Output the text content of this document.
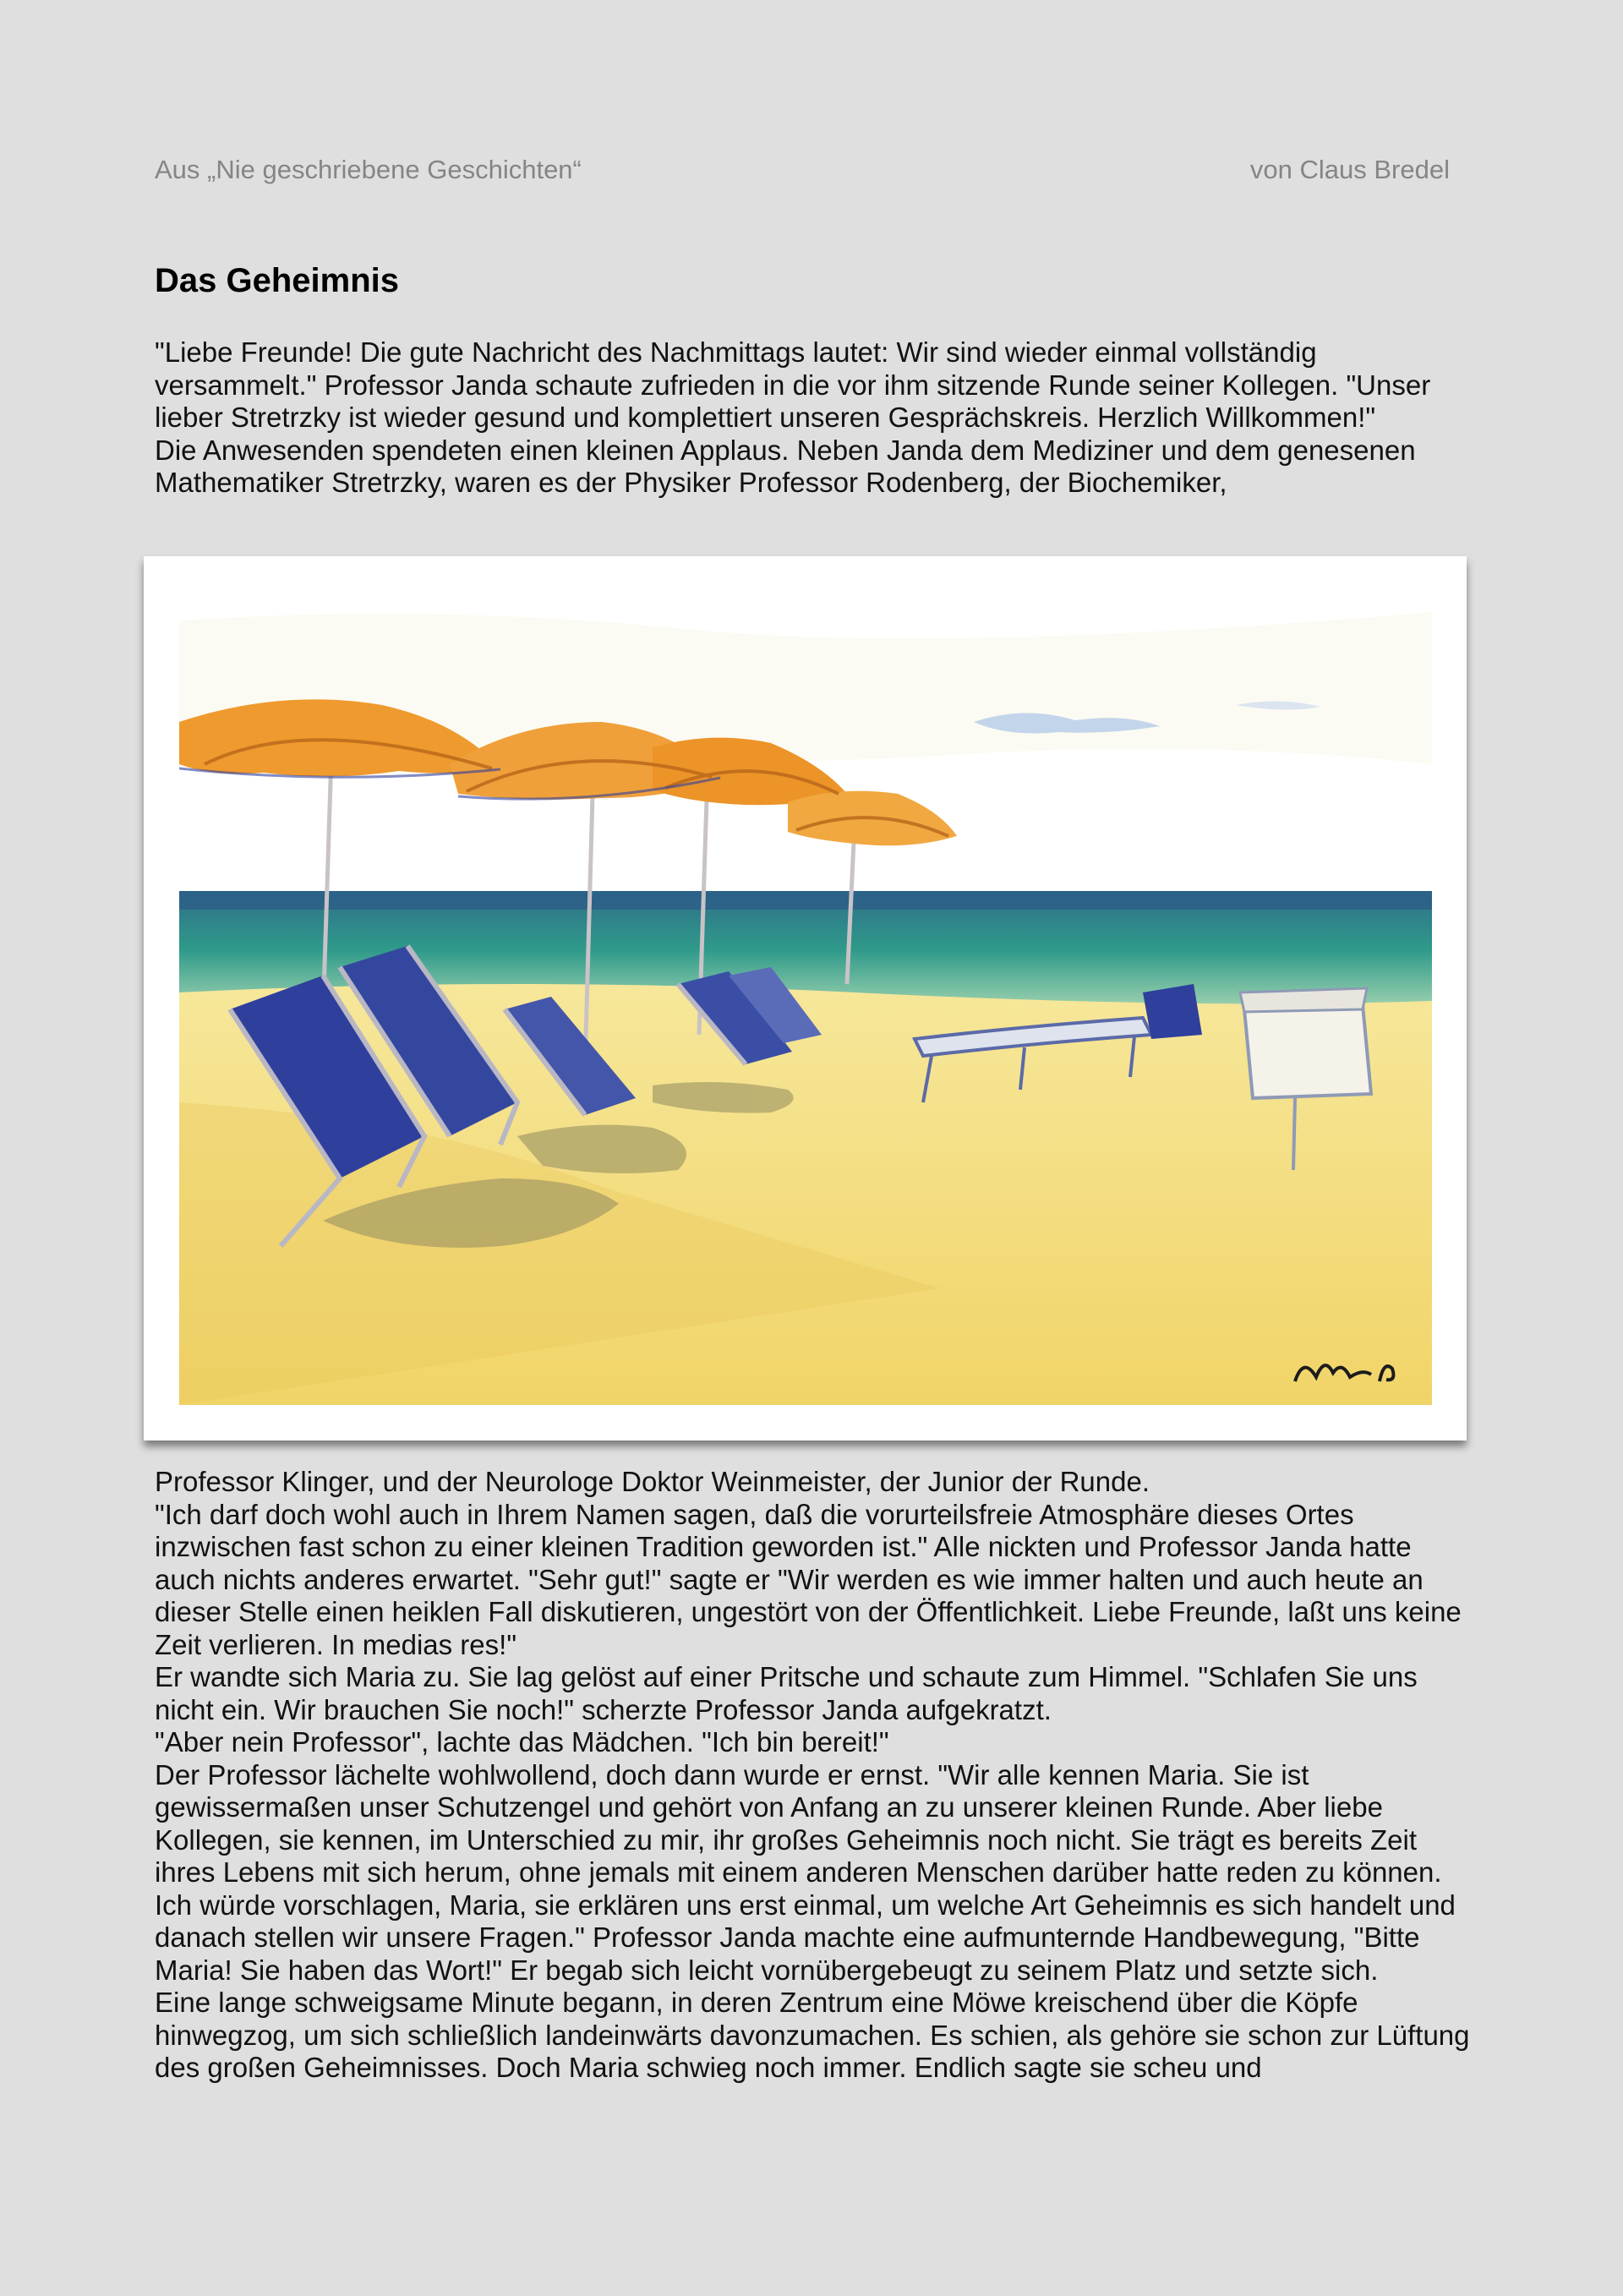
Aus „Nie geschriebene Geschichten“	von Claus Bredel
Das Geheimnis

"Liebe Freunde! Die gute Nachricht des Nachmittags lautet: Wir sind wieder einmal vollständig versammelt." Professor Janda schaute zufrieden in die vor ihm sitzende Runde seiner Kollegen. "Unser lieber Stretrzky ist wieder gesund und komplettiert unseren Gesprächskreis. Herzlich Willkommen!"

Die Anwesenden spendeten einen kleinen Applaus. Neben Janda dem Mediziner und dem genesenen Mathematiker Stretrzky, waren es der Physiker Professor Rodenberg, der Biochemiker,

Professor Klinger, und der Neurologe Doktor Weinmeister, der Junior der Runde.

"Ich darf doch wohl auch in Ihrem Namen sagen, daß die vorurteilsfreie Atmosphäre dieses Ortes inzwischen fast schon zu einer kleinen Tradition geworden ist." Alle nickten und Professor Janda hatte auch nichts anderes erwartet. "Sehr gut!" sagte er "Wir werden es wie immer halten und auch heute an dieser Stelle einen heiklen Fall diskutieren, ungestört von der Öffentlichkeit. Liebe Freunde, laßt uns keine Zeit verlieren. In medias res!"

Er wandte sich Maria zu. Sie lag gelöst auf einer Pritsche und schaute zum Himmel. "Schlafen Sie uns nicht ein. Wir brauchen Sie noch!" scherzte Professor Janda aufgekratzt.

"Aber nein Professor", lachte das Mädchen. "Ich bin bereit!"

Der Professor lächelte wohlwollend, doch dann wurde er ernst. "Wir alle kennen Maria. Sie ist gewissermaßen unser Schutzengel und gehört von Anfang an zu unserer kleinen Runde. Aber liebe Kollegen, sie kennen, im Unterschied zu mir, ihr großes Geheimnis noch nicht. Sie trägt es bereits Zeit ihres Lebens mit sich herum, ohne jemals mit einem anderen Menschen darüber hatte reden zu können. Ich würde vorschlagen, Maria, sie erklären uns erst einmal, um welche Art Geheimnis es sich handelt und danach stellen wir unsere Fragen." Professor Janda machte eine aufmunternde Handbewegung, "Bitte Maria! Sie haben das Wort!" Er begab sich leicht vornübergebeugt zu seinem Platz und setzte sich.

Eine lange schweigsame Minute begann, in deren Zentrum eine Möwe kreischend über die Köpfe hinwegzog, um sich schließlich landeinwärts davonzumachen. Es schien, als gehöre sie schon zur Lüftung des großen Geheimnisses. Doch Maria schwieg noch immer. Endlich sagte sie scheu und
